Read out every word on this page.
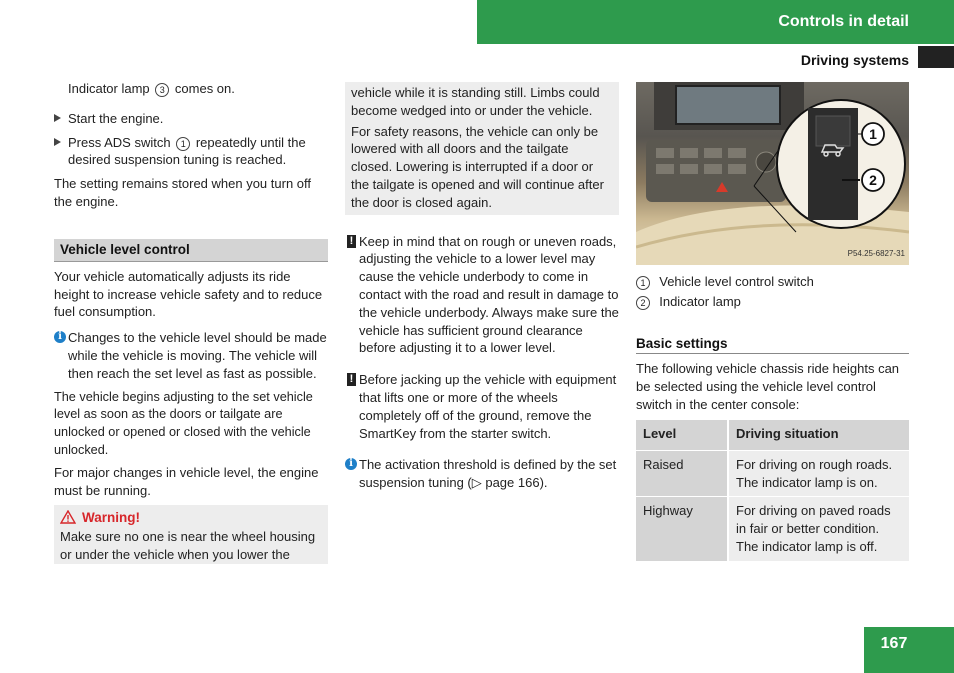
Controls in detail
Driving systems

Indicator lamp 3 comes on.

Start the engine.
Press ADS switch 1 repeatedly until the desired suspension tuning is reached.

The setting remains stored when you turn off the engine.

Vehicle level control

Your vehicle automatically adjusts its ride height to increase vehicle safety and to reduce fuel consumption.

i Changes to the vehicle level should be made while the vehicle is moving. The vehicle will then reach the set level as fast as possible.

The vehicle begins adjusting to the set vehicle level as soon as the doors or tailgate are unlocked or opened or closed with the vehicle unlocked.

For major changes in vehicle level, the engine must be running.

Warning!

Make sure no one is near the wheel housing or under the vehicle when you lower the

vehicle while it is standing still. Limbs could become wedged into or under the vehicle.

For safety reasons, the vehicle can only be lowered with all doors and the tailgate closed. Lowering is interrupted if a door or the tailgate is opened and will continue after the door is closed again.

! Keep in mind that on rough or uneven roads, adjusting the vehicle to a lower level may cause the vehicle underbody to come in contact with the road and result in damage to the vehicle underbody. Always make sure the vehicle has sufficient ground clearance before adjusting it to a lower level.
! Before jacking up the vehicle with equipment that lifts one or more of the wheels completely off of the ground, remove the SmartKey from the starter switch.
i The activation threshold is defined by the set suspension tuning (▷ page 166).
1
2
P54.25-6827-31

1 Vehicle level control switch

2 Indicator lamp

Basic settings

The following vehicle chassis ride heights can be selected using the vehicle level control switch in the center console:

Level	Driving situation
Raised	For driving on rough roads. The indicator lamp is on.
Highway	For driving on paved roads in fair or better condition. The indicator lamp is off.
167
